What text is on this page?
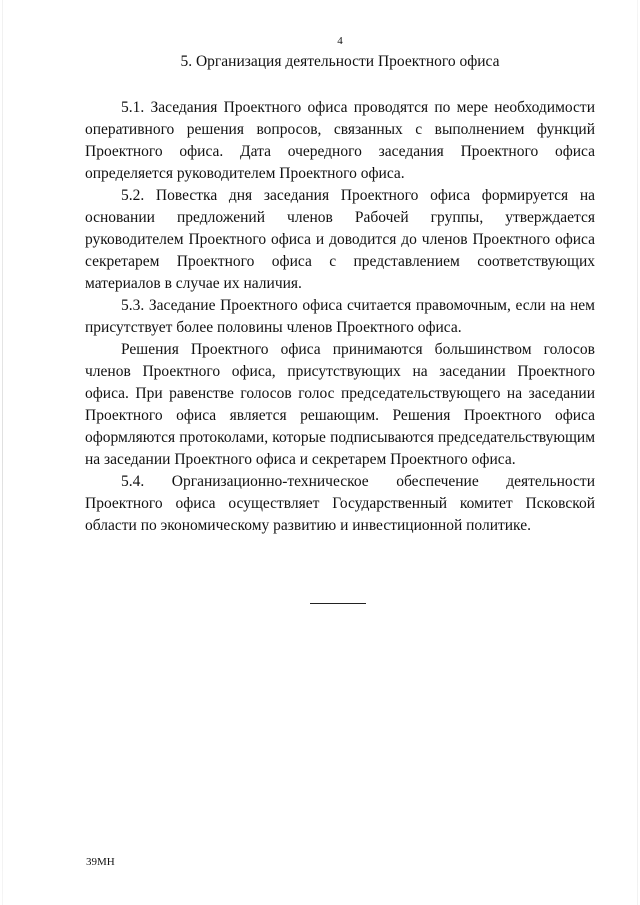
4
5. Организация деятельности Проектного офиса

5.1. Заседания Проектного офиса проводятся по мере необходимости оперативного решения вопросов, связанных с выполнением функций Проектного офиса. Дата очередного заседания Проектного офиса определяется руководителем Проектного офиса.

5.2. Повестка дня заседания Проектного офиса формируется на основании предложений членов Рабочей группы, утверждается руководителем Проектного офиса и доводится до членов Проектного офиса секретарем Проектного офиса с представлением соответствующих материалов в случае их наличия.

5.3. Заседание Проектного офиса считается правомочным, если на нем присутствует более половины членов Проектного офиса.

Решения Проектного офиса принимаются большинством голосов членов Проектного офиса, присутствующих на заседании Проектного офиса. При равенстве голосов голос председательствующего на заседании Проектного офиса является решающим. Решения Проектного офиса оформляются протоколами, которые подписываются председательствующим на заседании Проектного офиса и секретарем Проектного офиса.

5.4. Организационно-техническое обеспечение деятельности Проектного офиса осуществляет Государственный комитет Псковской области по экономическому развитию и инвестиционной политике.

39МН
